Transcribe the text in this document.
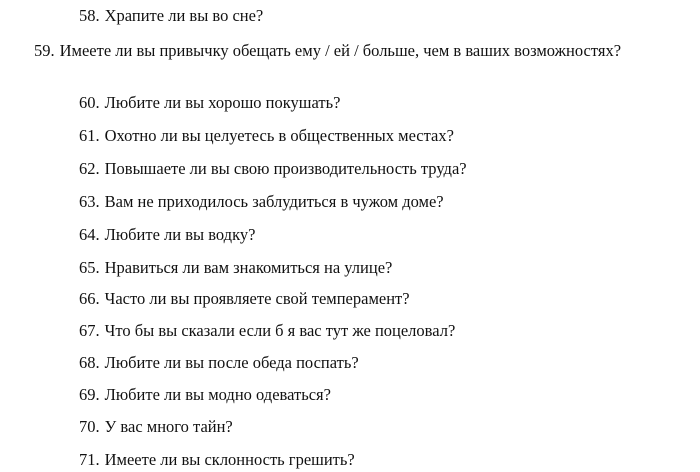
58. Храпите ли вы во сне?

59. Имеете ли вы привычку обещать ему / ей / больше, чем в ваших возможностях?

60. Любите ли вы хорошо покушать?

61. Охотно ли вы целуетесь в общественных местах?

62. Повышаете ли вы свою производительность труда?

63. Вам не приходилось заблудиться в чужом доме?

64. Любите ли вы водку?

65. Нравиться ли вам знакомиться на улице?

66. Часто ли вы проявляете свой темперамент?

67. Что бы вы сказали если б я вас тут же поцеловал?

68. Любите ли вы после обеда поспать?

69. Любите ли вы модно одеваться?

70. У вас много тайн?

71. Имеете ли вы склонность грешить?
